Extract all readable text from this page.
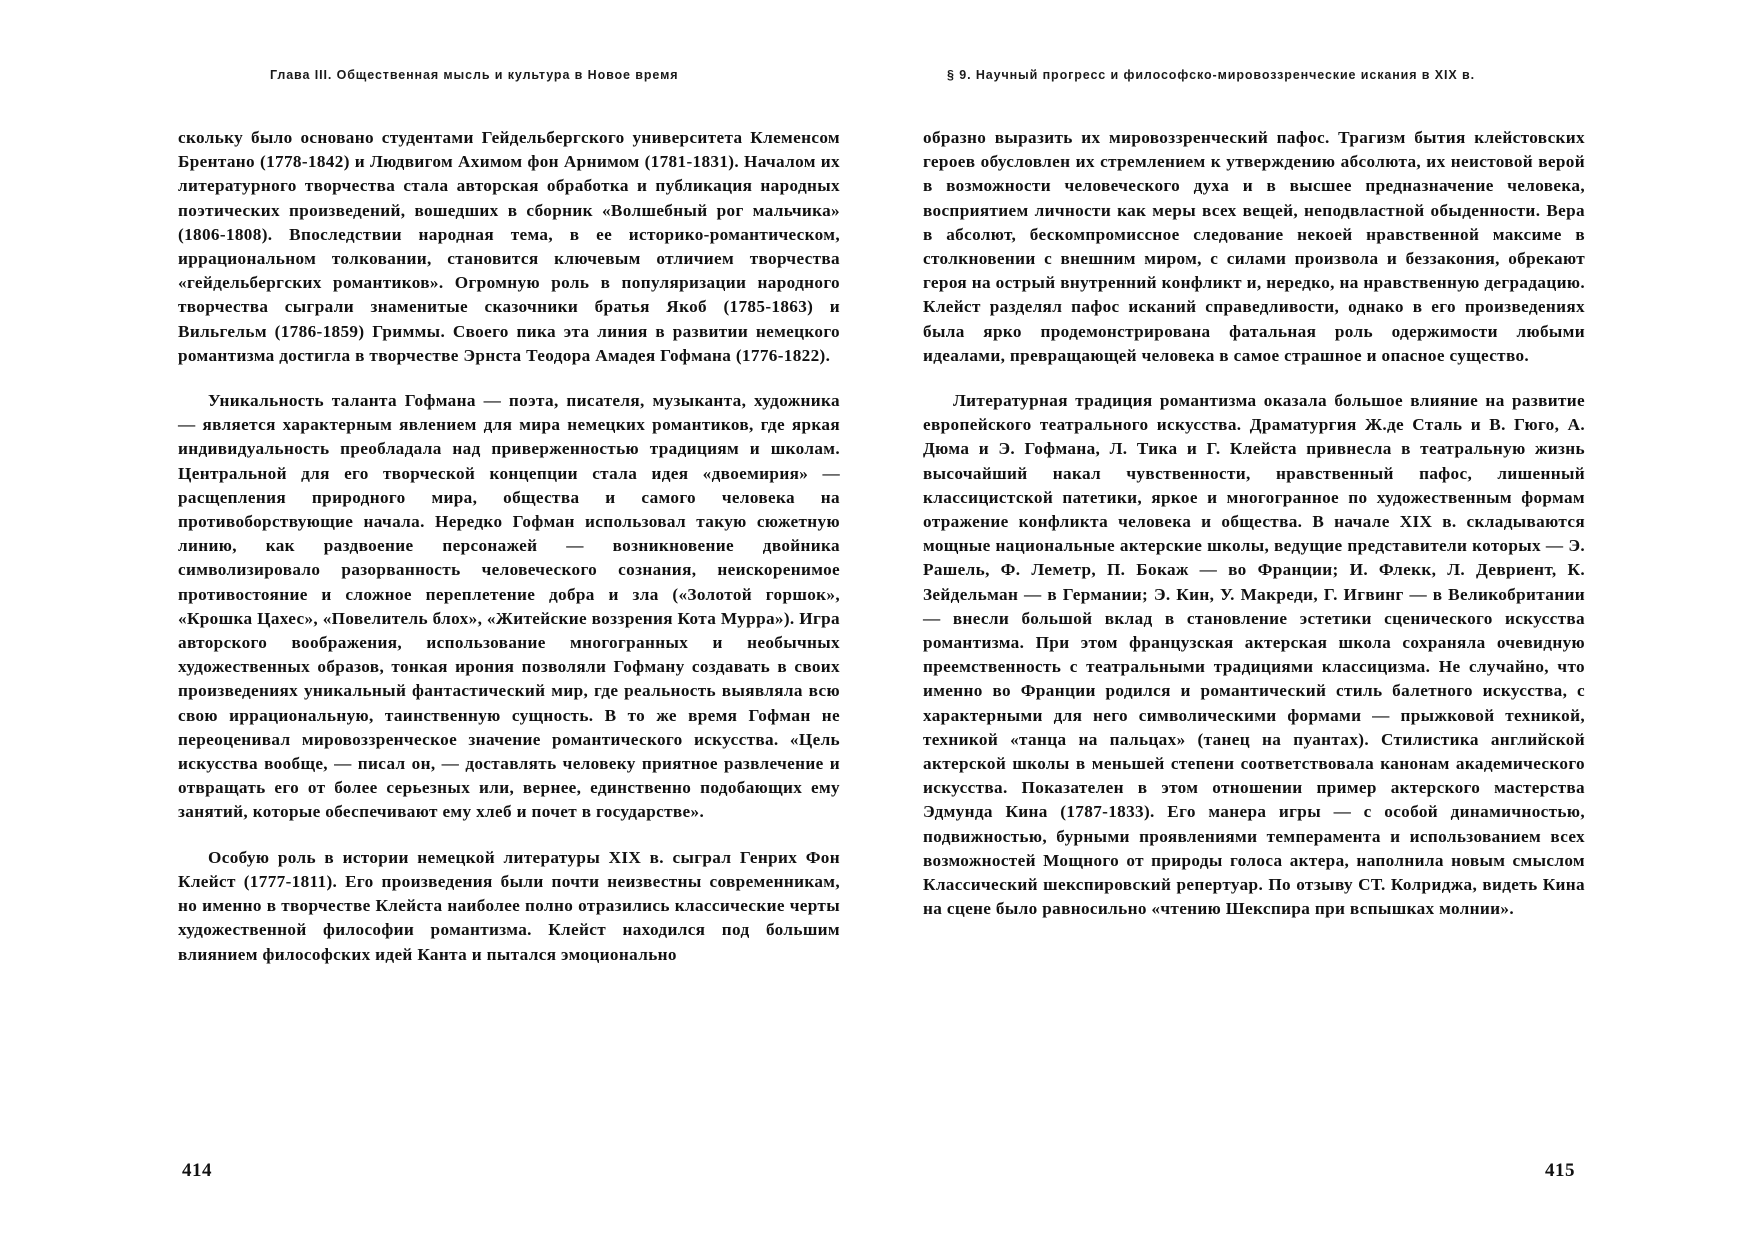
Глава III. Общественная мысль и культура в Новое время

скольку было основано студентами Гейдельбергского университета Клеменсом Брентано (1778-1842) и Людвигом Ахимом фон Арнимом (1781-1831). Началом их литературного творчества стала авторская обработка и публикация народных поэтических произведений, вошедших в сборник «Волшебный рог мальчика» (1806-1808). Впоследствии народная тема, в ее историко-романтическом, иррациональном толковании, становится ключевым отличием творчества «гейдельбергских романтиков». Огромную роль в популяризации народного творчества сыграли знаменитые сказочники братья Якоб (1785-1863) и Вильгельм (1786-1859) Гриммы. Своего пика эта линия в развитии немецкого романтизма достигла в творчестве Эрнста Теодора Амадея Гофмана (1776-1822).

Уникальность таланта Гофмана — поэта, писателя, музыканта, художника — является характерным явлением для мира немецких романтиков, где яркая индивидуальность преобладала над приверженностью традициям и школам. Центральной для его творческой концепции стала идея «двоемирия» — расщепления природного мира, общества и самого человека на противоборствующие начала. Нередко Гофман использовал такую сюжетную линию, как раздвоение персонажей — возникновение двойника символизировало разорванность человеческого сознания, неискоренимое противостояние и сложное переплетение добра и зла («Золотой горшок», «Крошка Цахес», «Повелитель блох», «Житейские воззрения Кота Мурра»). Игра авторского воображения, использование многогранных и необычных художественных образов, тонкая ирония позволяли Гофману создавать в своих произведениях уникальный фантастический мир, где реальность выявляла всю свою иррациональную, таинственную сущность. В то же время Гофман не переоценивал мировоззренческое значение романтического искусства. «Цель искусства вообще, — писал он, — доставлять человеку приятное развлечение и отвращать его от более серьезных или, вернее, единственно подобающих ему занятий, которые обеспечивают ему хлеб и почет в государстве».

Особую роль в истории немецкой литературы XIX в. сыграл Генрих Фон Клейст (1777-1811). Его произведения были почти неизвестны современникам, но именно в творчестве Клейста наиболее полно отразились классические черты художественной философии романтизма. Клейст находился под большим влиянием философских идей Канта и пытался эмоционально

414
§ 9. Научный прогресс и философско-мировоззренческие искания в XIX в.

образно выразить их мировоззренческий пафос. Трагизм бытия клейстовских героев обусловлен их стремлением к утверждению абсолюта, их неистовой верой в возможности человеческого духа и в высшее предназначение человека, восприятием личности как меры всех вещей, неподвластной обыденности. Вера в абсолют, бескомпромиссное следование некоей нравственной максиме в столкновении с внешним миром, с силами произвола и беззакония, обрекают героя на острый внутренний конфликт и, нередко, на нравственную деградацию. Клейст разделял пафос исканий справедливости, однако в его произведениях была ярко продемонстрирована фатальная роль одержимости любыми идеалами, превращающей человека в самое страшное и опасное существо.

Литературная традиция романтизма оказала большое влияние на развитие европейского театрального искусства. Драматургия Ж.де Сталь и В. Гюго, А. Дюма и Э. Гофмана, Л. Тика и Г. Клейста привнесла в театральную жизнь высочайший накал чувственности, нравственный пафос, лишенный классицистской патетики, яркое и многогранное по художественным формам отражение конфликта человека и общества. В начале XIX в. складываются мощные национальные актерские школы, ведущие представители которых — Э. Рашель, Ф. Леметр, П. Бокаж — во Франции; И. Флекк, Л. Девриент, К. Зейдельман — в Германии; Э. Кин, У. Макреди, Г. Игвинг — в Великобритании — внесли большой вклад в становление эстетики сценического искусства романтизма. При этом французская актерская школа сохраняла очевидную преемственность с театральными традициями классицизма. Не случайно, что именно во Франции родился и романтический стиль балетного искусства, с характерными для него символическими формами — прыжковой техникой, техникой «танца на пальцах» (танец на пуантах). Стилистика английской актерской школы в меньшей степени соответствовала канонам академического искусства. Показателен в этом отношении пример актерского мастерства Эдмунда Кина (1787-1833). Его манера игры — с особой динамичностью, подвижностью, бурными проявлениями темперамента и использованием всех возможностей Мощного от природы голоса актера, наполнила новым смыслом Классический шекспировский репертуар. По отзыву СТ. Колриджа, видеть Кина на сцене было равносильно «чтению Шекспира при вспышках молнии».

415
